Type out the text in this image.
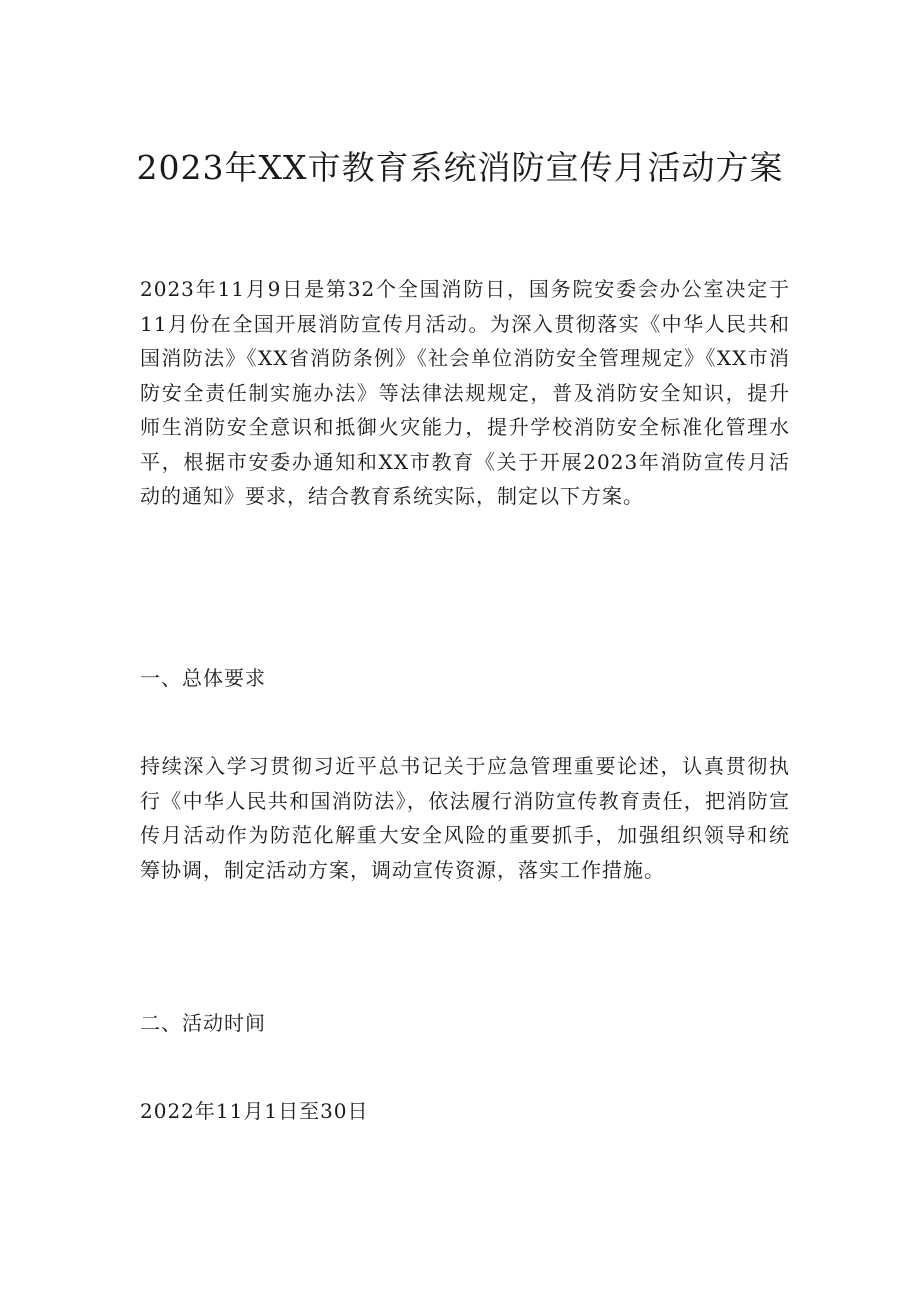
2023年XX市教育系统消防宣传月活动方案

2023年11月9日是第32个全国消防日，国务院安委会办公室决定于11月份在全国开展消防宣传月活动。为深入贯彻落实《中华人民共和国消防法》《XX省消防条例》《社会单位消防安全管理规定》《XX市消防安全责任制实施办法》等法律法规规定，普及消防安全知识，提升师生消防安全意识和抵御火灾能力，提升学校消防安全标准化管理水平，根据市安委办通知和XX市教育《关于开展2023年消防宣传月活动的通知》要求，结合教育系统实际，制定以下方案。

一、总体要求

持续深入学习贯彻习近平总书记关于应急管理重要论述，认真贯彻执行《中华人民共和国消防法》，依法履行消防宣传教育责任，把消防宣传月活动作为防范化解重大安全风险的重要抓手，加强组织领导和统筹协调，制定活动方案，调动宣传资源，落实工作措施。

二、活动时间

2022年11月1日至30日
